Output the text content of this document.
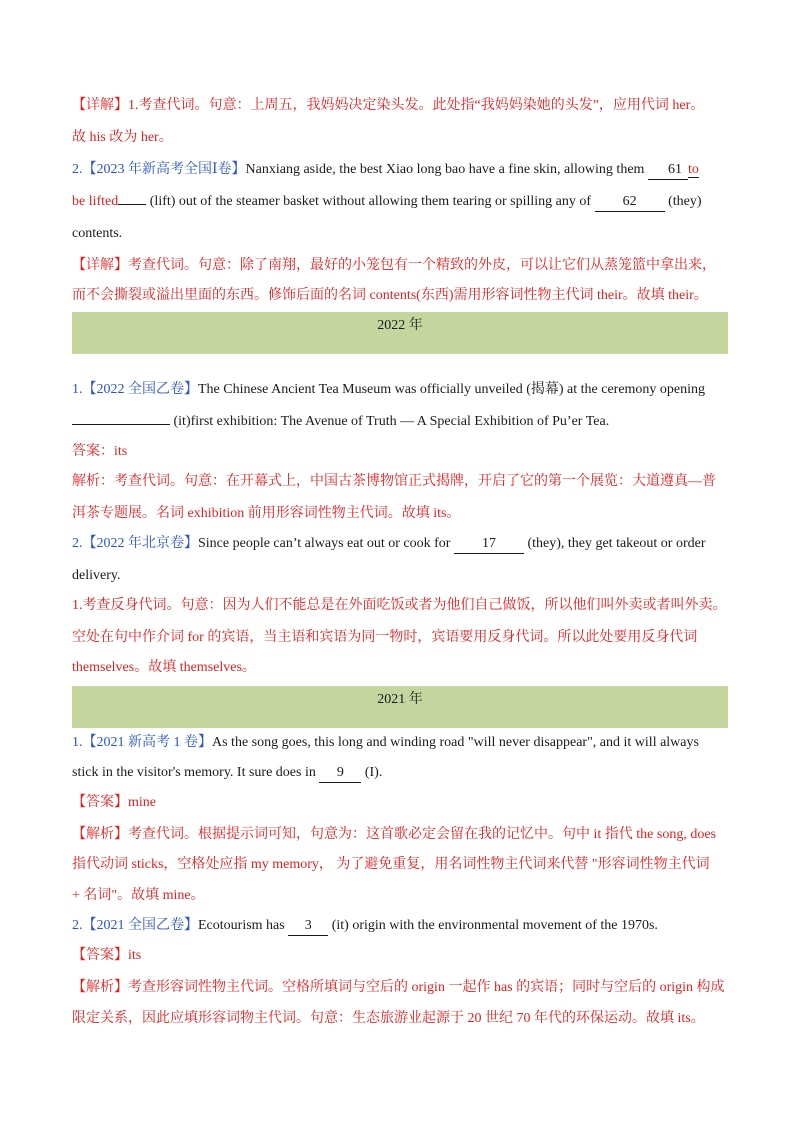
【详解】1.考查代词。句意：上周五，我妈妈决定染头发。此处指“我妈妈染她的头发”，应用代词 her。
故 his 改为 her。
2.【2023 年新高考全国Ⅰ卷】Nanxiang aside, the best Xiao long bao have a fine skin, allowing them 61 to
be lifted (lift) out of the steamer basket without allowing them tearing or spilling any of 62 (they)
contents.
【详解】考查代词。句意：除了南翔，最好的小笼包有一个精致的外皮，可以让它们从蒸笼篮中拿出来，
而不会撕裂或溢出里面的东西。修饰后面的名词 contents(东西)需用形容词性物主代词 their。故填 their。
2022 年
1.【2022 全国乙卷】The Chinese Ancient Tea Museum was officially unveiled (揭幕) at the ceremony opening
(it)first exhibition: The Avenue of Truth — A Special Exhibition of Pu’er Tea.
答案：its
解析：考查代词。句意：在开幕式上，中国古茶博物馆正式揭牌，开启了它的第一个展览：大道遵真—普
洱茶专题展。名词 exhibition 前用形容词性物主代词。故填 its。
2.【2022 年北京卷】Since people can’t always eat out or cook for 17 (they), they get takeout or order
delivery.
1.考查反身代词。句意：因为人们不能总是在外面吃饭或者为他们自己做饭，所以他们叫外卖或者叫外卖。
空处在句中作介词 for 的宾语，当主语和宾语为同一物时，宾语要用反身代词。所以此处要用反身代词
themselves。故填 themselves。
2021 年
1.【2021 新高考 1 卷】As the song goes, this long and winding road "will never disappear", and it will always
stick in the visitor's memory. It sure does in 9 (I).
【答案】mine
【解析】考查代词。根据提示词可知，句意为：这首歌必定会留在我的记忆中。句中 it 指代 the song, does
指代动词 sticks，空格处应指 my memory， 为了避免重复，用名词性物主代词来代替 "形容词性物主代词
+ 名词"。故填 mine。
2.【2021 全国乙卷】Ecotourism has 3 (it) origin with the environmental movement of the 1970s.
【答案】its
【解析】考查形容词性物主代词。空格所填词与空后的 origin 一起作 has 的宾语；同时与空后的 origin 构成
限定关系，因此应填形容词物主代词。句意：生态旅游业起源于 20 世纪 70 年代的环保运动。故填 its。
